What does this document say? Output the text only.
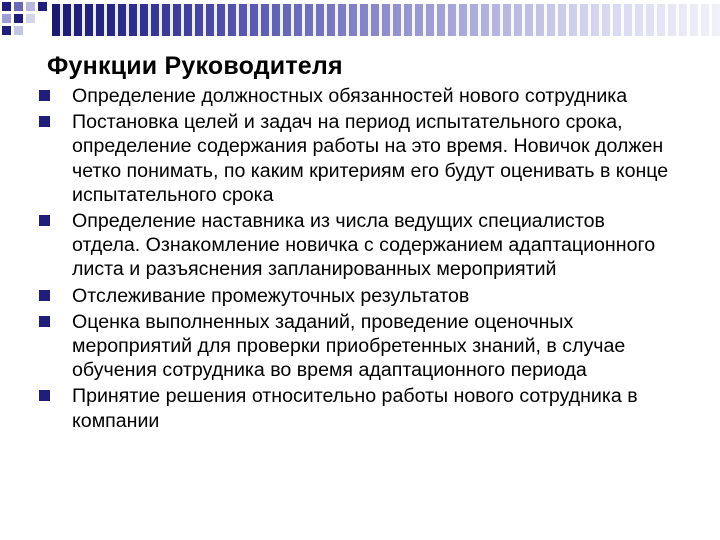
Функции Руководителя
Определение должностных обязанностей нового сотрудника
Постановка целей и задач на период испытательного срока, определение содержания работы на это время. Новичок должен четко понимать, по каким критериям его будут оценивать в конце испытательного срока
Определение наставника из числа ведущих специалистов отдела. Ознакомление новичка с содержанием адаптационного листа и разъяснения запланированных мероприятий
Отслеживание промежуточных результатов
Оценка выполненных заданий, проведение оценочных мероприятий для проверки приобретенных знаний, в случае обучения сотрудника во время адаптационного периода
Принятие решения относительно работы нового сотрудника в компании
